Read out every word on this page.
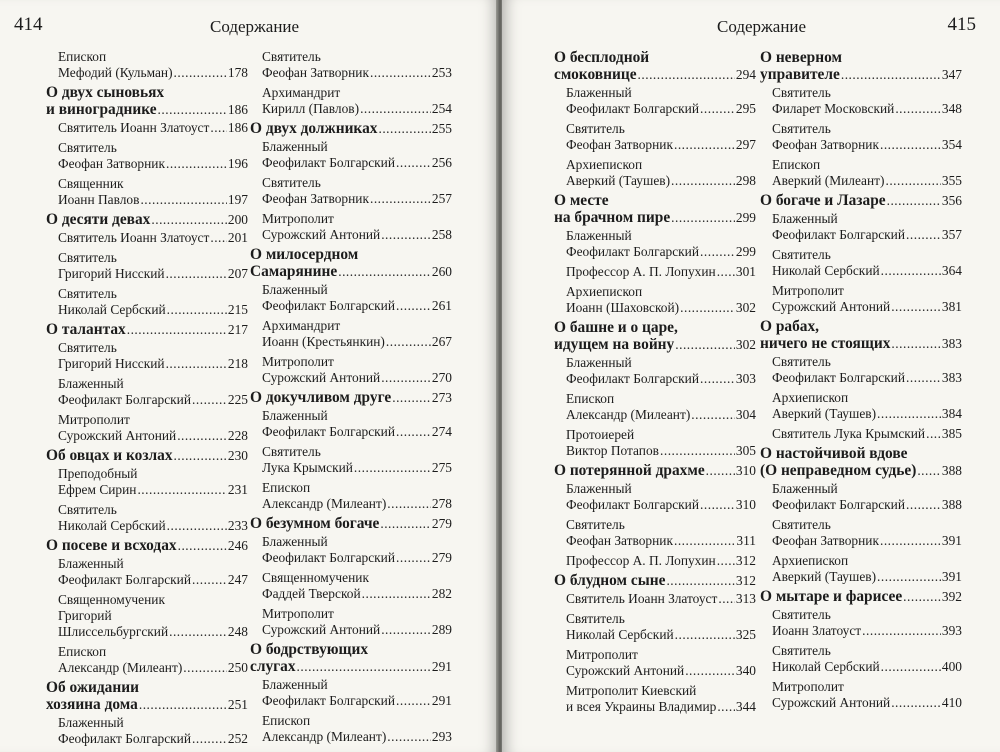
414	Содержание
Епископ
Мефодий (Кульман) .....	178
О двух сыновьях
и винограднике .....	186
Святитель Иоанн Златоуст ..... 186
Святитель
Феофан Затворник .....	196
Священник
Иоанн Павлов .....	197
О десяти девах .....	200
Святитель Иоанн Златоуст ..... 201
Святитель
Григорий Нисский .....	207
Святитель
Николай Сербский .....	215
О талантах .....	217
Святитель
Григорий Нисский .....	218
Блаженный
Феофилакт Болгарский .....	225
Митрополит
Сурожский Антоний .....	228
Об овцах и козлах .....	230
Преподобный
Ефрем Сирин .....	231
Святитель
Николай Сербский .....	233
О посеве и всходах .....	246
Блаженный
Феофилакт Болгарский .....	247
Священномученик
Григорий
Шлиссельбургский .....	248
Епископ
Александр (Милеант) .....	250
Об ожидании
хозяина дома .....	251
Блаженный
Феофилакт Болгарский .....	252
Святитель
Феофан Затворник .....	253
Архимандрит
Кирилл (Павлов) .....	254
О двух должниках .....	255
Блаженный
Феофилакт Болгарский .....	256
Святитель
Феофан Затворник .....	257
Митрополит
Сурожский Антоний .....	258
О милосердном
Самарянине .....	260
Блаженный
Феофилакт Болгарский .....	261
Архимандрит
Иоанн (Крестьянкин) .....	267
Митрополит
Сурожский Антоний .....	270
О докучливом друге .....	273
Блаженный
Феофилакт Болгарский .....	274
Святитель
Лука Крымский .....	275
Епископ
Александр (Милеант) .....	278
О безумном богаче .....	279
Блаженный
Феофилакт Болгарский .....	279
Священномученик
Фаддей Тверской .....	282
Митрополит
Сурожский Антоний .....	289
О бодрствующих
слугах .....	291
Блаженный
Феофилакт Болгарский .....	291
Епископ
Александр (Милеант) .....	293
Содержание	415
О бесплодной
смоковнице .....	294
Блаженный
Феофилакт Болгарский .....	295
Святитель
Феофан Затворник .....	297
Архиепископ
Аверкий (Таушев) .....	298
О месте
на брачном пире .....	299
Блаженный
Феофилакт Болгарский .....	299
Профессор А. П. Лопухин ..... 301
Архиепископ
Иоанн (Шаховской) .....	302
О башне и о царе,
идущем на войну .....	302
Блаженный
Феофилакт Болгарский .....	303
Епископ
Александр (Милеант) .....	304
Протоиерей
Виктор Потапов .....	305
О потерянной драхме ..... 310
Блаженный
Феофилакт Болгарский .....	310
Святитель
Феофан Затворник .....	311
Профессор А. П. Лопухин ..... 312
О блудном сыне .....	312
Святитель Иоанн Златоуст ..... 313
Святитель
Николай Сербский .....	325
Митрополит
Сурожский Антоний .....	340
Митрополит Киевский
и всея Украины Владимир ..... 344
О неверном
управителе .....	347
Святитель
Филарет Московский .....	348
Святитель
Феофан Затворник .....	354
Епископ
Аверкий (Милеант) .....	355
О богаче и Лазаре .....	356
Блаженный
Феофилакт Болгарский .....	357
Святитель
Николай Сербский .....	364
Митрополит
Сурожский Антоний .....	381
О рабах,
ничего не стоящих .....	383
Святитель
Феофилакт Болгарский .....	383
Архиепископ
Аверкий (Таушев) .....	384
Святитель Лука Крымский ..... 385
О настойчивой вдове
(О неправедном судье) ..... 388
Блаженный
Феофилакт Болгарский .....	388
Святитель
Феофан Затворник .....	391
Архиепископ
Аверкий (Таушев) .....	391
О мытаре и фарисее .....	392
Святитель
Иоанн Златоуст .....	393
Святитель
Николай Сербский .....	400
Митрополит
Сурожский Антоний .....	410
